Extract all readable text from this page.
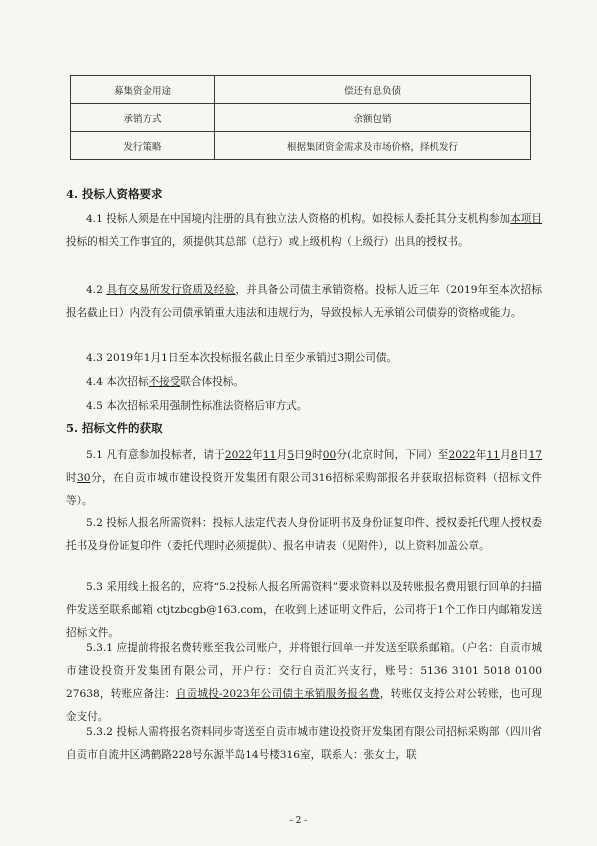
募集资金用途	偿还有息负债
承销方式	余额包销
发行策略	根据集团资金需求及市场价格，择机发行
4. 投标人资格要求
4.1 投标人须是在中国境内注册的具有独立法人资格的机构。如投标人委托其分支机构参加本项目投标的相关工作事宜的，须提供其总部（总行）或上级机构（上级行）出具的授权书。
4.2 具有交易所发行资质及经验，并具备公司债主承销资格。投标人近三年（2019年至本次招标报名截止日）内没有公司债承销重大违法和违规行为，导致投标人无承销公司债券的资格或能力。
4.3 2019年1月1日至本次投标报名截止日至少承销过3期公司债。
4.4 本次招标不接受联合体投标。
4.5 本次招标采用强制性标准法资格后审方式。
5. 招标文件的获取
5.1 凡有意参加投标者，请于2022年11月5日9时00分(北京时间，下同）至2022年11月8日17时30分，在自贡市城市建设投资开发集团有限公司316招标采购部报名并获取招标资料（招标文件等）。
5.2 投标人报名所需资料：投标人法定代表人身份证明书及身份证复印件、授权委托代理人授权委托书及身份证复印件（委托代理时必须提供）、报名申请表（见附件），以上资料加盖公章。
5.3 采用线上报名的，应将“5.2投标人报名所需资料”要求资料以及转账报名费用银行回单的扫描件发送至联系邮箱 ctjtzbcgb@163.com，在收到上述证明文件后，公司将于1个工作日内邮箱发送招标文件。
5.3.1 应提前将报名费转账至我公司账户，并将银行回单一并发送至联系邮箱。（户名：自贡市城市建设投资开发集团有限公司，开户行：交行自贡汇兴支行，账号：5136 3101 5018 0100 27638，转账应备注：自贡城投-2023年公司债主承销服务报名费，转账仅支持公对公转账，也可现金支付。
5.3.2 投标人需将报名资料同步寄送至自贡市城市建设投资开发集团有限公司招标采购部（四川省自贡市自流井区鸿鹤路228号东源半岛14号楼316室，联系人：张女士，联
- 2 -
